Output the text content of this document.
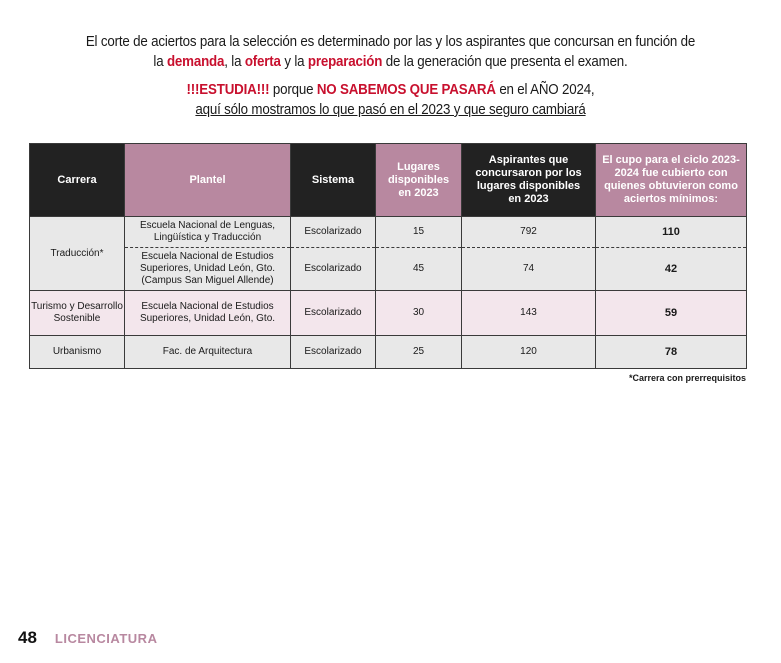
El corte de aciertos para la selección es determinado por las y los aspirantes que concursan en función de
la demanda, la oferta y la preparación de la generación que presenta el examen.
!!!ESTUDIA!!! porque NO SABEMOS QUE PASARÁ en el AÑO 2024,
aquí sólo mostramos lo que pasó en el 2023 y que seguro cambiará
Carrera	Plantel	Sistema	Lugares disponibles en 2023	Aspirantes que concursaron por los lugares disponibles en 2023	El cupo para el ciclo 2023-2024 fue cubierto con quienes obtuvieron como aciertos mínimos:
Traducción*	Escuela Nacional de Lenguas, Lingüística y Traducción	Escolarizado	15	792	110
	Escuela Nacional de Estudios Superiores, Unidad León, Gto. (Campus San Miguel Allende)	Escolarizado	45	74	42
Turismo y Desarrollo Sostenible	Escuela Nacional de Estudios Superiores, Unidad León, Gto.	Escolarizado	30	143	59
Urbanismo	Fac. de Arquitectura	Escolarizado	25	120	78
*Carrera con prerrequisitos
48 LICENCIATURA
